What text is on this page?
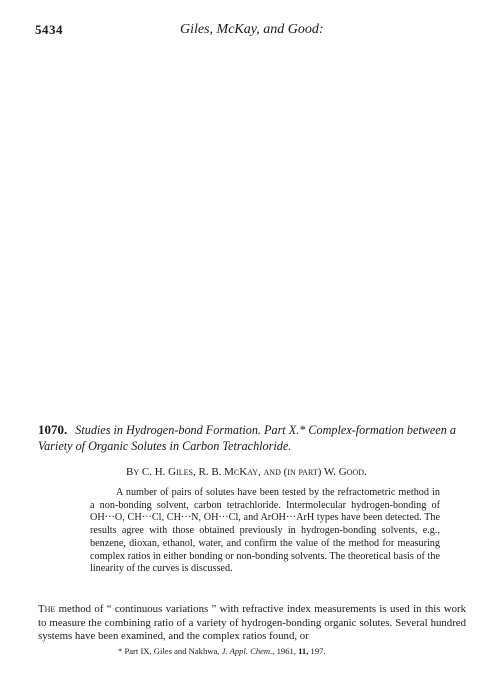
5434	Giles, McKay, and Good:
1070. Studies in Hydrogen-bond Formation. Part X.* Complex-formation between a Variety of Organic Solutes in Carbon Tetrachloride.
By C. H. Giles, R. B. McKay, and (in part) W. Good.

A number of pairs of solutes have been tested by the refractometric method in a non-bonding solvent, carbon tetrachloride. Intermolecular hydrogen-bonding of OH···O, CH···Cl, CH···N, OH···Cl, and ArOH···ArH types have been detected. The results agree with those obtained previously in hydrogen-bonding solvents, e.g., benzene, dioxan, ethanol, water, and confirm the value of the method for measuring complex ratios in either bonding or non-bonding solvents. The theoretical basis of the linearity of the curves is discussed.

The method of “ continuous variations ” with refractive index measurements is used in this work to measure the combining ratio of a variety of hydrogen-bonding organic solutes. Several hundred systems have been examined, and the complex ratios found, or

* Part IX, Giles and Nakhwa, J. Appl. Chem., 1961, 11, 197.
